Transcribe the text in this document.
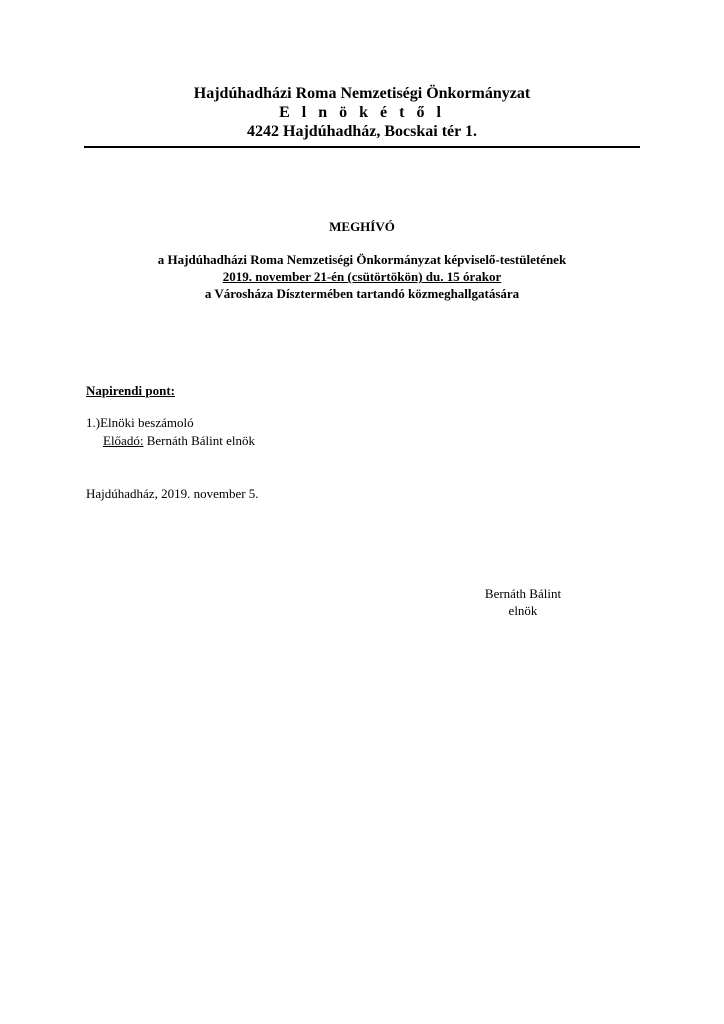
Hajdúhadházi Roma Nemzetiségi Önkormányzat
E l n ö k é t ő l
4242 Hajdúhadház, Bocskai tér 1.
MEGHÍVÓ
a Hajdúhadházi Roma Nemzetiségi Önkormányzat képviselő-testületének
2019. november 21-én (csütörtökön) du. 15 órakor
a Városháza Dísztermében tartandó közmeghallgatására
Napirendi pont:
1.)Elnöki beszámoló
Előadó: Bernáth Bálint elnök
Hajdúhadház, 2019. november 5.
Bernáth Bálint
elnök
